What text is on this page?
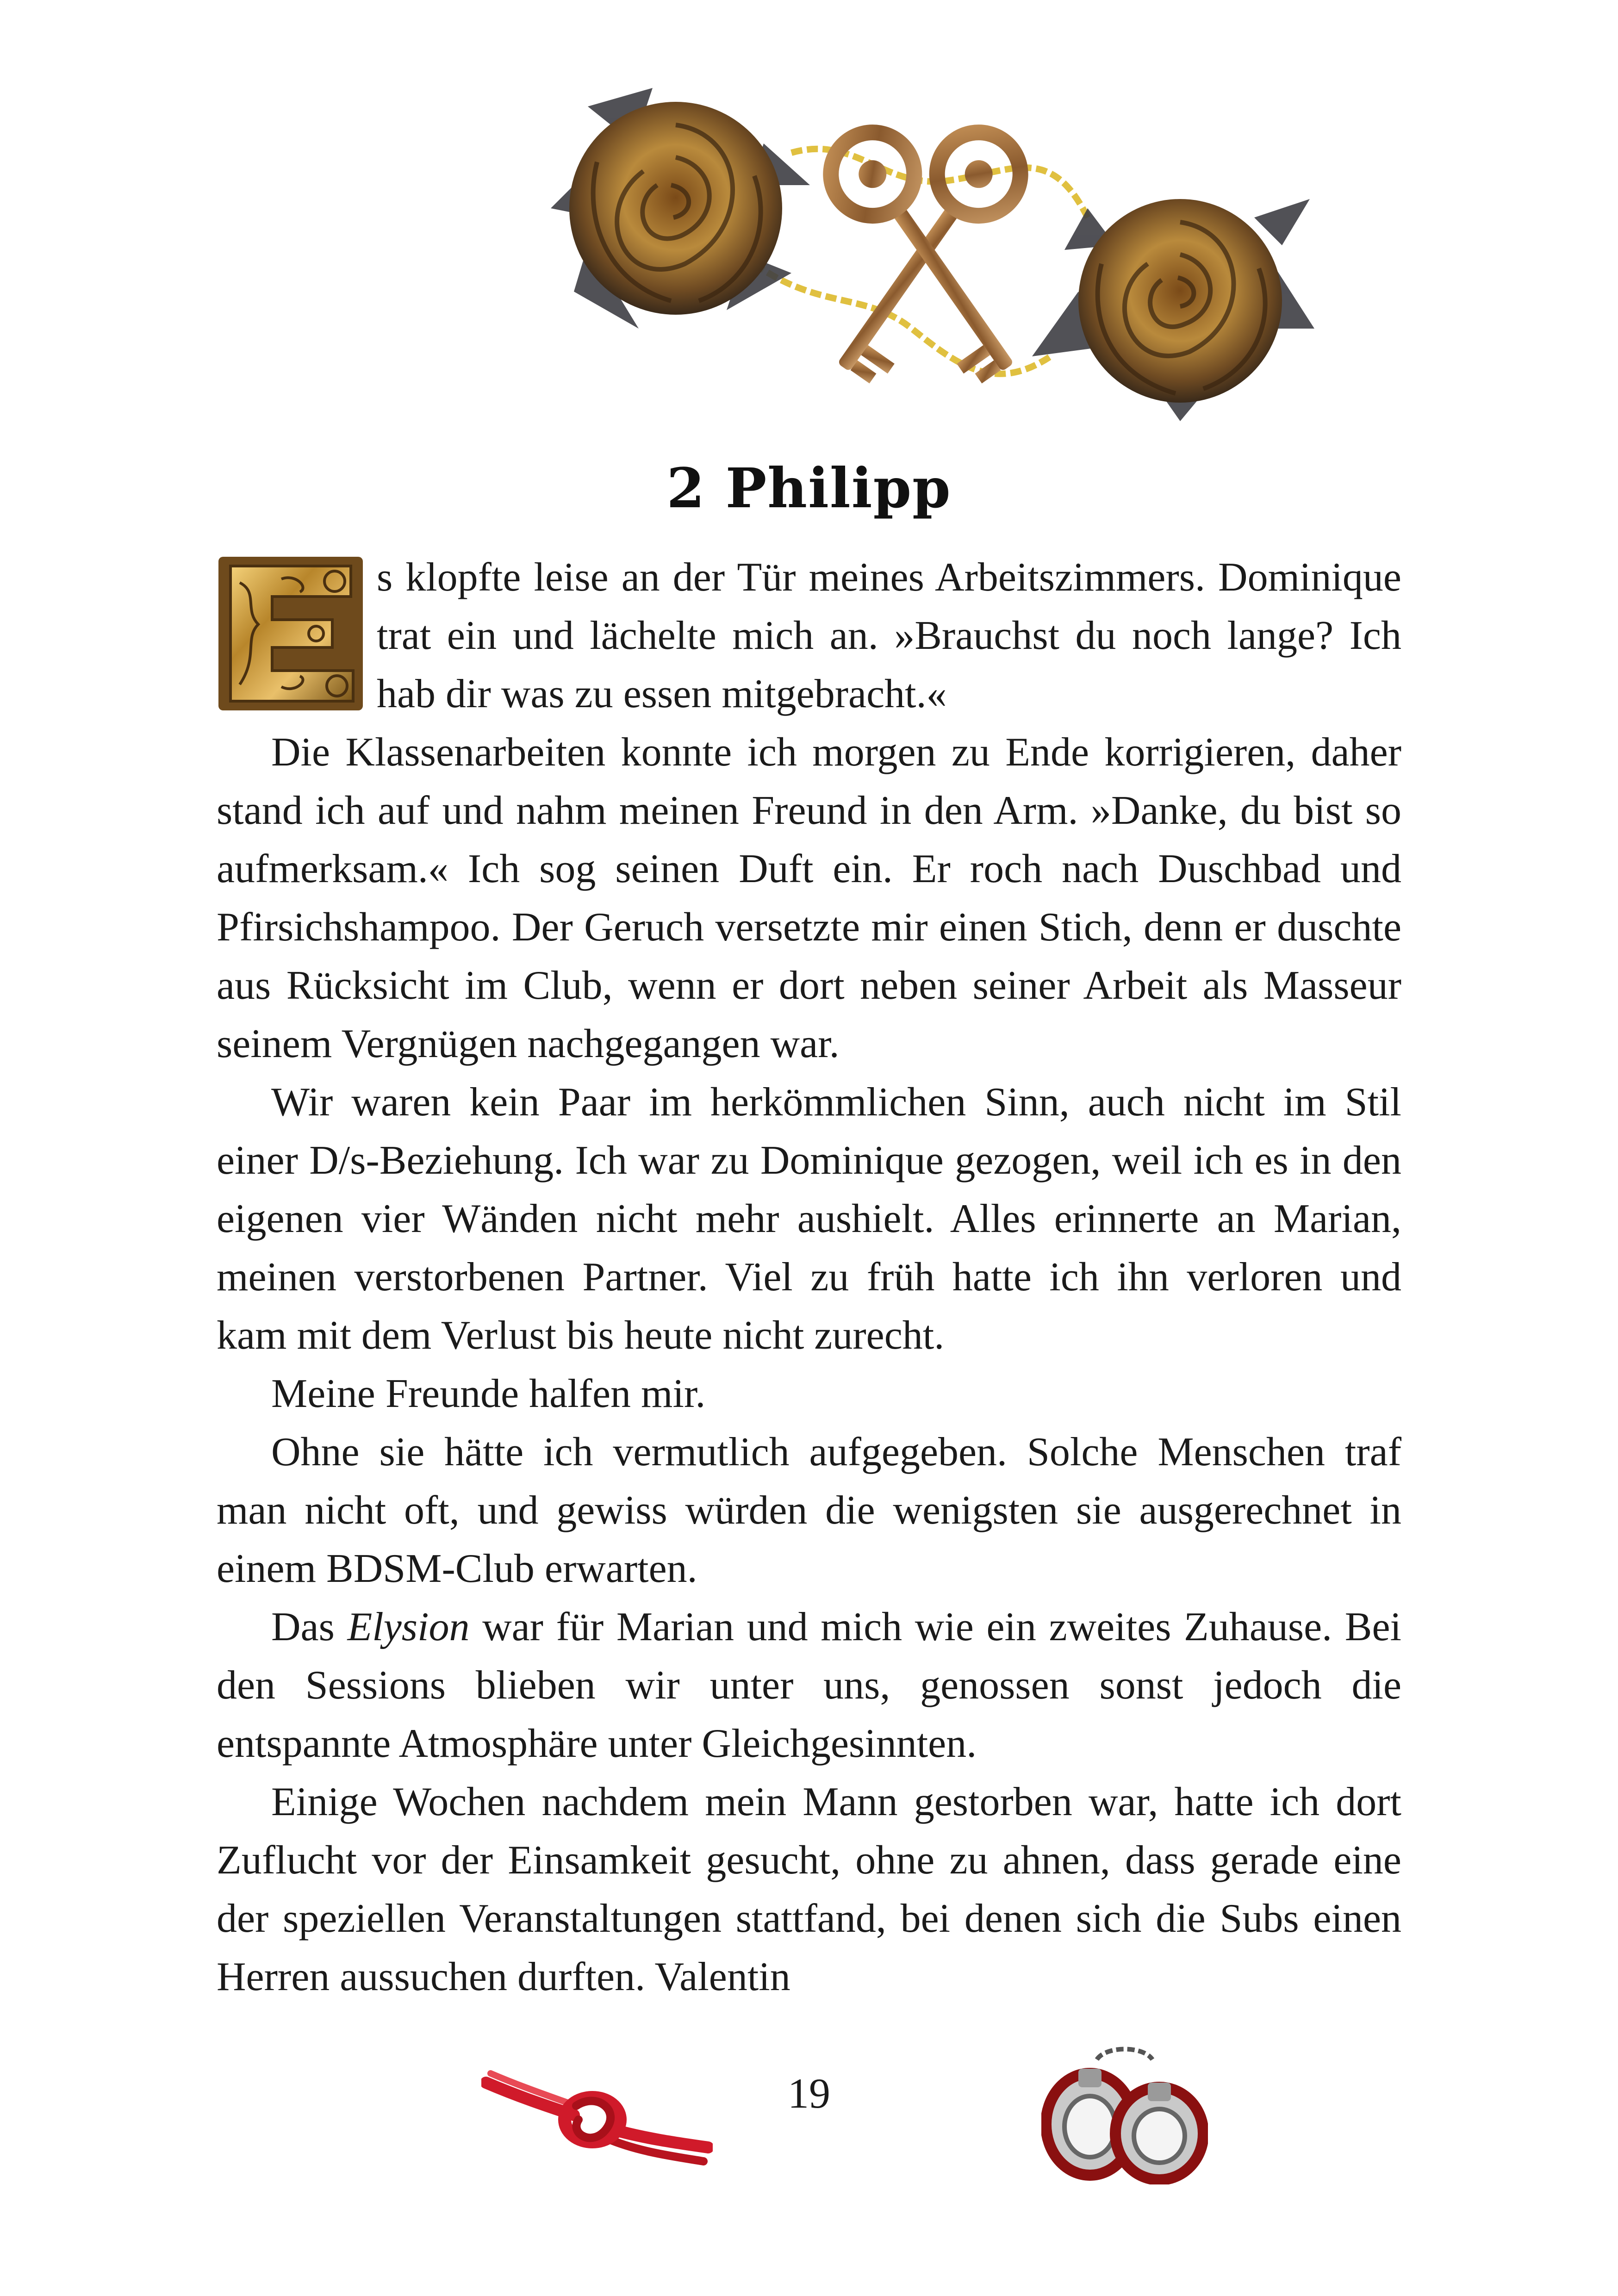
2 Philipp

s klopfte leise an der Tür meines Arbeitszimmers. Dominique trat ein und lächelte mich an. »Brauchst du noch lange? Ich hab dir was zu essen mitgebracht.«

Die Klassenarbeiten konnte ich morgen zu Ende korrigieren, daher stand ich auf und nahm meinen Freund in den Arm. »Danke, du bist so aufmerksam.« Ich sog seinen Duft ein. Er roch nach Duschbad und Pfirsichshampoo. Der Geruch versetzte mir einen Stich, denn er duschte aus Rücksicht im Club, wenn er dort neben seiner Arbeit als Masseur seinem Vergnügen nachgegangen war.

Wir waren kein Paar im herkömmlichen Sinn, auch nicht im Stil einer D/s-Beziehung. Ich war zu Dominique gezogen, weil ich es in den eigenen vier Wänden nicht mehr aushielt. Alles erinnerte an Marian, meinen verstorbenen Partner. Viel zu früh hatte ich ihn verloren und kam mit dem Verlust bis heute nicht zurecht.

Meine Freunde halfen mir.

Ohne sie hätte ich vermutlich aufgegeben. Solche Menschen traf man nicht oft, und gewiss würden die wenigsten sie ausgerechnet in einem BDSM-Club erwarten.

Das Elysion war für Marian und mich wie ein zweites Zuhause. Bei den Sessions blieben wir unter uns, genossen sonst jedoch die entspannte Atmosphäre unter Gleichgesinnten.

Einige Wochen nachdem mein Mann gestorben war, hatte ich dort Zuflucht vor der Einsamkeit gesucht, ohne zu ahnen, dass gerade eine der speziellen Veranstaltungen stattfand, bei denen sich die Subs einen Herren aussuchen durften. Valentin

19
